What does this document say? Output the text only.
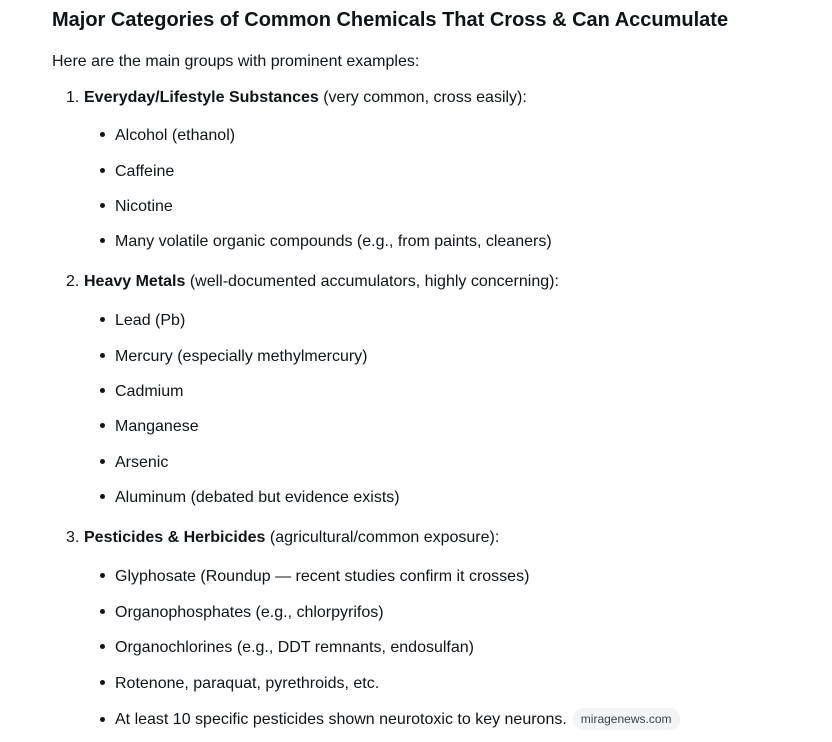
Major Categories of Common Chemicals That Cross & Can Accumulate
Here are the main groups with prominent examples:
1. Everyday/Lifestyle Substances (very common, cross easily):
Alcohol (ethanol)
Caffeine
Nicotine
Many volatile organic compounds (e.g., from paints, cleaners)
2. Heavy Metals (well-documented accumulators, highly concerning):
Lead (Pb)
Mercury (especially methylmercury)
Cadmium
Manganese
Arsenic
Aluminum (debated but evidence exists)
3. Pesticides & Herbicides (agricultural/common exposure):
Glyphosate (Roundup — recent studies confirm it crosses)
Organophosphates (e.g., chlorpyrifos)
Organochlorines (e.g., DDT remnants, endosulfan)
Rotenone, paraquat, pyrethroids, etc.
At least 10 specific pesticides shown neurotoxic to key neurons. miragenews.com
